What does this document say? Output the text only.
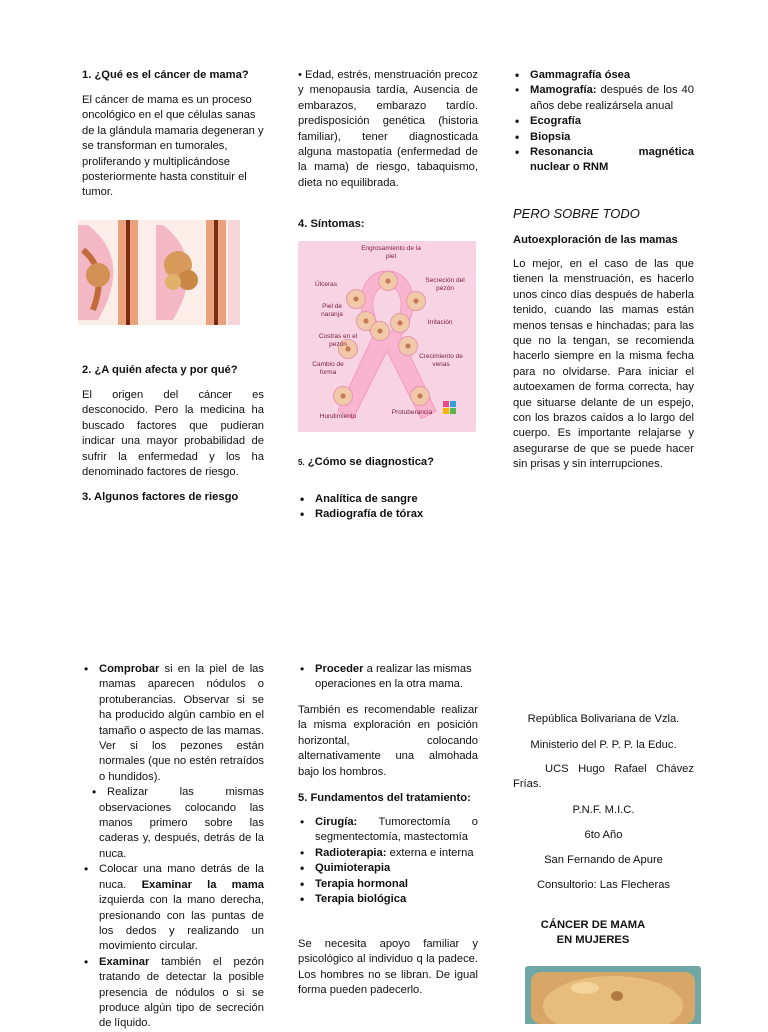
1. ¿Qué es el cáncer de mama?

El cáncer de mama es un proceso oncológico en el que células sanas de la glándula mamaria degeneran y se transforman en tumorales, proliferando y multiplicándose posteriormente hasta constituir el tumor.

2. ¿A quién afecta y por qué?

El origen del cáncer es desconocido. Pero la medicina ha buscado factores que pudieran indicar una mayor probabilidad de sufrir la enfermedad y los ha denominado factores de riesgo.

3. Algunos factores de riesgo

• Edad, estrés, menstruación precoz y menopausia tardía, Ausencia de embarazos, embarazo tardío. predisposición genética (historia familiar), tener diagnosticada alguna mastopatía (enfermedad de la mama) de riesgo, tabaquismo, dieta no equilibrada.

4. Síntomas:
Engrosamiento de la piel
Úlceras
Secreción del pezón
Piel de naranja
Irritación
Costras en el pezón
Cambio de forma
Crecimiento de venas
Hundimiento
Protuberancia
5. ¿Cómo se diagnostica?
• Analítica de sangre
• Radiografía de tórax
• Gammagrafía ósea
• Mamografía: después de los 40 años debe realizársela anual
• Ecografía
• Biopsia
• Resonancia magnética nuclear o RNM
PERO SOBRE TODO
Autoexploración de las mamas

Lo mejor, en el caso de las que tienen la menstruación, es hacerlo unos cinco días después de haberla tenido, cuando las mamas están menos tensas e hinchadas; para las que no la tengan, se recomienda hacerlo siempre en la misma fecha para no olvidarse. Para iniciar el autoexamen de forma correcta, hay que situarse delante de un espejo, con los brazos caídos a lo largo del cuerpo. Es importante relajarse y asegurarse de que se puede hacer sin prisas y sin interrupciones.

• Comprobar si en la piel de las mamas aparecen nódulos o protuberancias. Observar si se ha producido algún cambio en el tamaño o aspecto de las mamas. Ver si los pezones están normales (que no estén retraídos o hundidos).
• Realizar las mismas observaciones colocando las manos primero sobre las caderas y, después, detrás de la nuca.
• Colocar una mano detrás de la nuca. Examinar la mama izquierda con la mano derecha, presionando con las puntas de los dedos y realizando un movimiento circular.
• Examinar también el pezón tratando de detectar la posible presencia de nódulos o si se produce algún tipo de secreción de líquido.
• Proceder a realizar las mismas operaciones en la otra mama.

También es recomendable realizar la misma exploración en posición horizontal, colocando alternativamente una almohada bajo los hombros.

5. Fundamentos del tratamiento:
• Cirugía: Tumorectomía o segmentectomía, mastectomía
• Radioterapia: externa e interna
• Quimioterapia
• Terapia hormonal
• Terapia biológica

Se necesita apoyo familiar y psicológico al individuo q la padece. Los hombres no se libran. De igual forma pueden padecerlo.

República Bolivariana de Vzla.
Ministerio del P. P. P. la Educ.
UCS Hugo Rafael Chávez Frías.
P.N.F. M.I.C.
6to Año
San Fernando de Apure
Consultorio: Las Flecheras
CÁNCER DE MAMA
EN MUJERES
